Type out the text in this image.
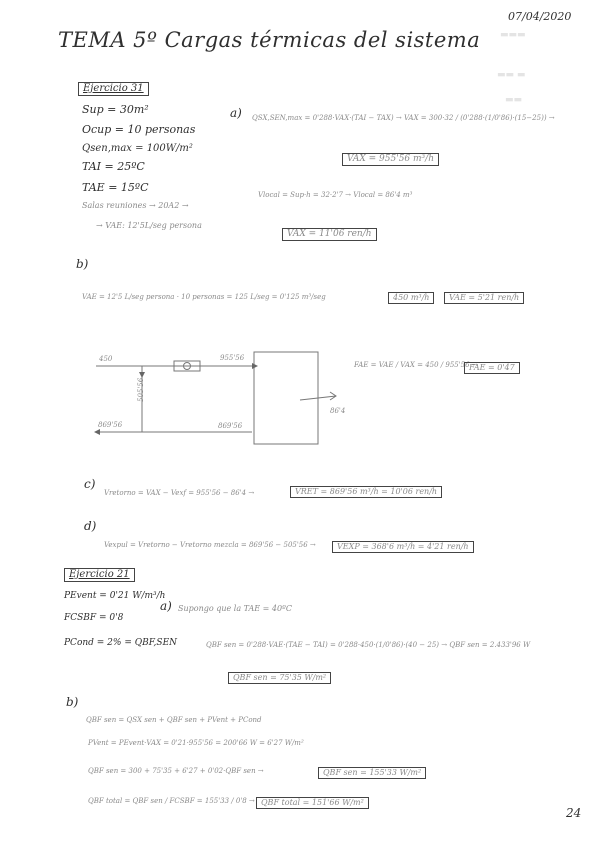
▬▬▬
▬▬ ▬
▬▬
07/04/2020
TEMA 5º Cargas térmicas del sistema
Ejercicio 31
Sup = 30m²
Ocup = 10 personas
Qsen,max = 100W/m²
TAI = 25ºC
TAE = 15ºC
Salas reuniones → 20A2 →
→ VAE: 12'5L/seg persona
a) QSX,SEN,max = 0'288·VAX·(TAI − TAX) → VAX = 300·32 / (0'288·(1/0'86)·(15−25)) →
VAX = 955'56 m³/h
Vlocal = Sup·h = 32·2'7 → Vlocal = 86'4 m³
VAX = 11'06 ren/h
b)
VAE = 12'5 L/seg persona · 10 personas = 125 L/seg = 0'125 m³/seg	450 m³/h	VAE = 5'21 ren/h
450	955'56
505'56
869'56	869'56
86'4
FAE = VAE / VAX = 450 / 955'56 →
FAE = 0'47
c)
Vretorno = VAX − Vexf = 955'56 − 86'4 →	VRET = 869'56 m³/h = 10'06 ren/h
d)
Vexpul = Vretorno − Vretorno mezcla = 869'56 − 505'56 →	VEXP = 368'6 m³/h = 4'21 ren/h
Ejercicio 21
PEvent = 0'21 W/m³/h
FCSBF = 0'8
PCond = 2% = QBF,SEN
a) Supongo que la TAE = 40ºC
QBF sen = 0'288·VAE·(TAE − TAI) = 0'288·450·(1/0'86)·(40 − 25) → QBF sen = 2.433'96 W
QBF sen = 75'35 W/m²
b)
QBF sen = QSX sen + QBF sen + PVent + PCond
PVent = PEvent·VAX = 0'21·955'56 = 200'66 W = 6'27 W/m²
QBF sen = 300 + 75'35 + 6'27 + 0'02·QBF sen →	QBF sen = 155'33 W/m²
QBF total = QBF sen / FCSBF = 155'33 / 0'8 → QBF total = 151'66 W/m²
24
